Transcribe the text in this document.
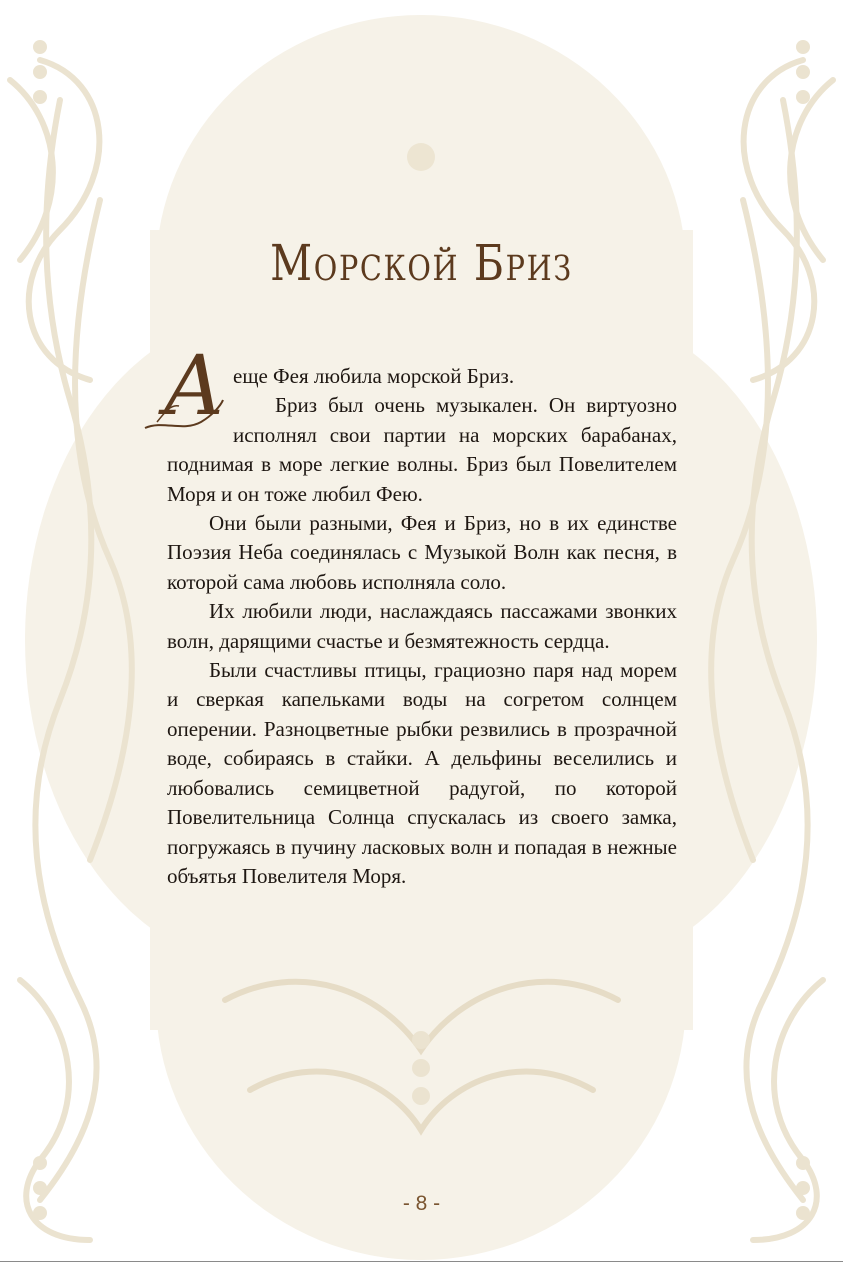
Морской Бриз

А еще Фея любила морской Бриз.

Бриз был очень музыкален. Он виртуозно исполнял свои партии на морских барабанах, поднимая в море легкие волны. Бриз был Повелителем Моря и он тоже любил Фею.

Они были разными, Фея и Бриз, но в их единстве Поэзия Неба соединялась с Музыкой Волн как песня, в которой сама любовь исполняла соло.

Их любили люди, наслаждаясь пассажами звонких волн, дарящими счастье и безмятежность сердца.

Были счастливы птицы, грациозно паря над морем и сверкая капельками воды на согретом солнцем оперении. Разноцветные рыбки резвились в прозрачной воде, собираясь в стайки. А дельфины веселились и любовались семицветной радугой, по которой Повелительница Солнца спускалась из своего замка, погружаясь в пучину ласковых волн и попадая в нежные объятья Повелителя Моря.

- 8 -
